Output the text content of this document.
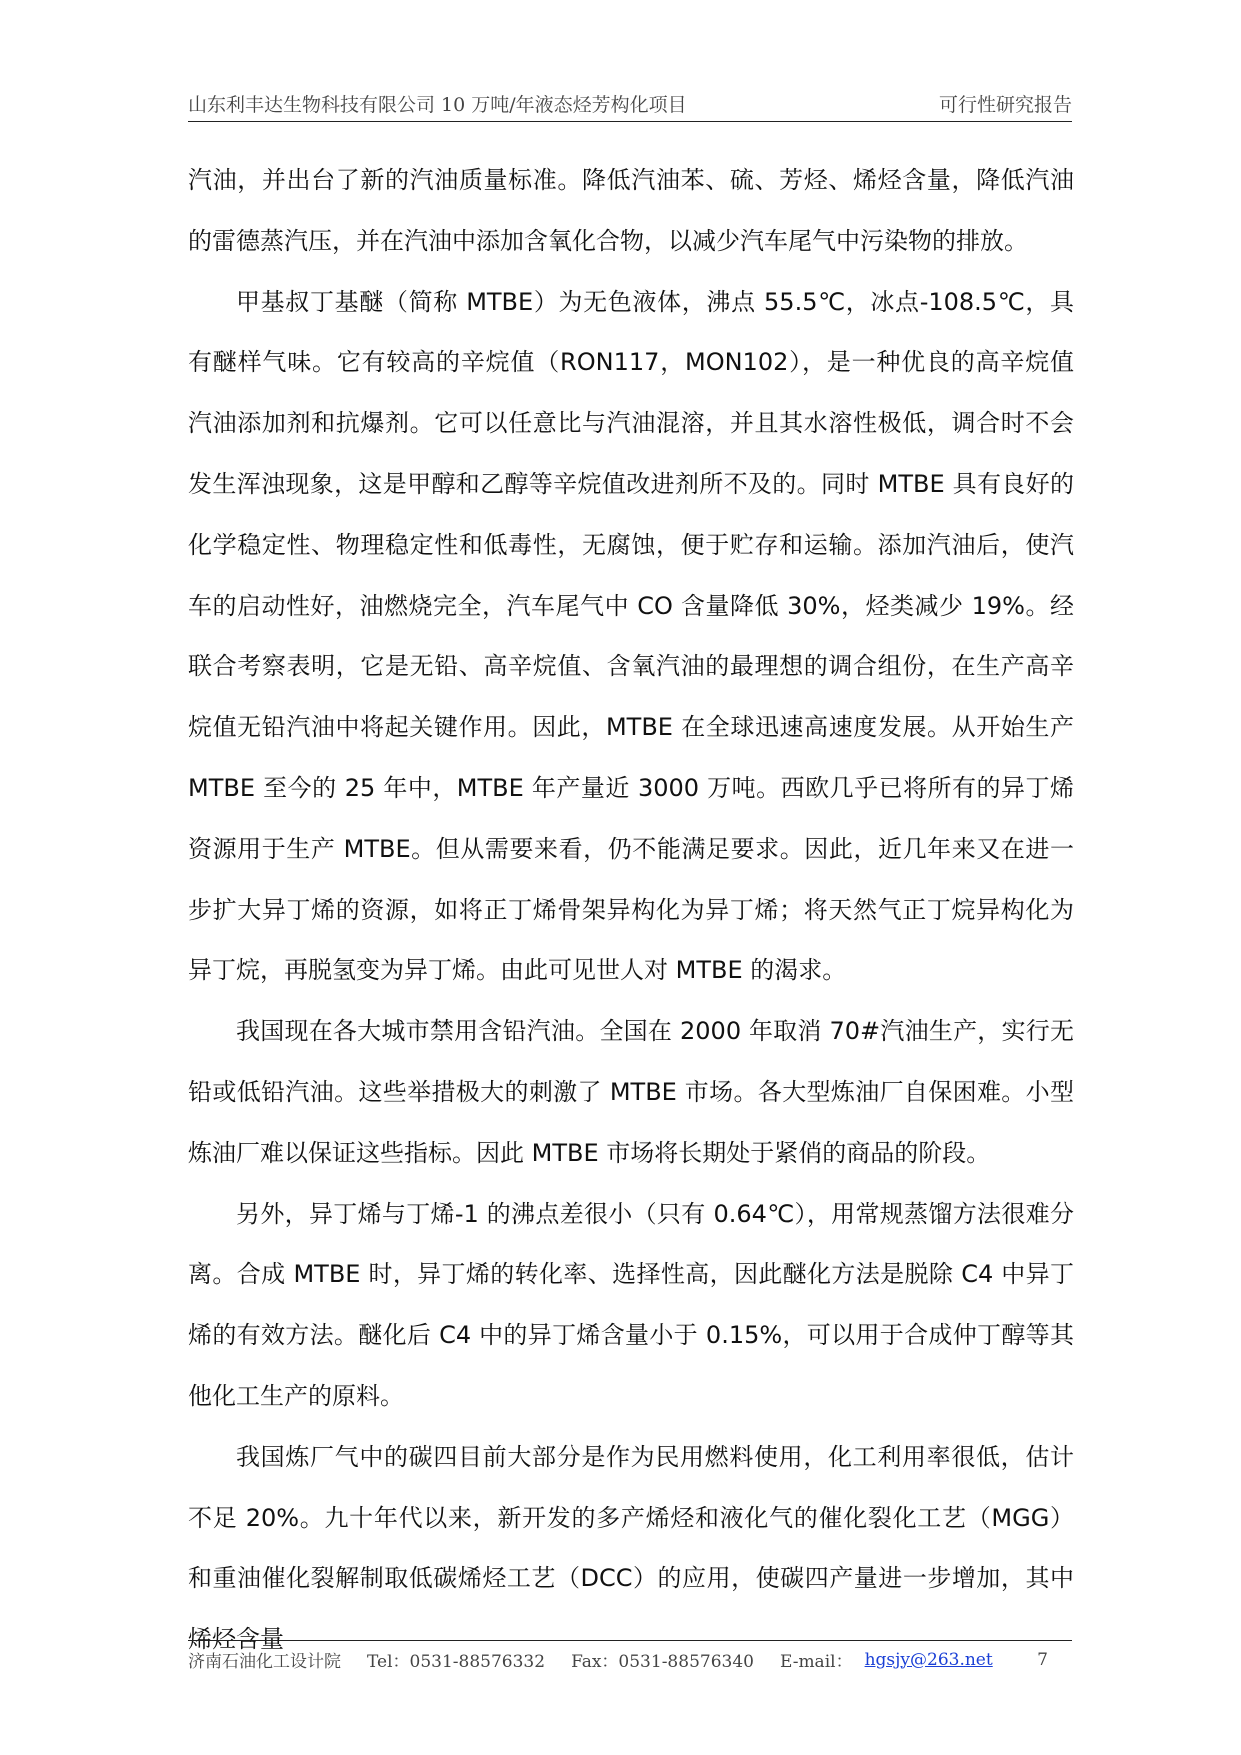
山东利丰达生物科技有限公司 10 万吨/年液态烃芳构化项目	可行性研究报告

汽油，并出台了新的汽油质量标准。降低汽油苯、硫、芳烃、烯烃含量，降低汽油的雷德蒸汽压，并在汽油中添加含氧化合物，以减少汽车尾气中污染物的排放。

甲基叔丁基醚（简称 MTBE）为无色液体，沸点 55.5℃，冰点-108.5℃，具有醚样气味。它有较高的辛烷值（RON117，MON102），是一种优良的高辛烷值汽油添加剂和抗爆剂。它可以任意比与汽油混溶，并且其水溶性极低，调合时不会发生浑浊现象，这是甲醇和乙醇等辛烷值改进剂所不及的。同时 MTBE 具有良好的化学稳定性、物理稳定性和低毒性，无腐蚀，便于贮存和运输。添加汽油后，使汽车的启动性好，油燃烧完全，汽车尾气中 CO 含量降低 30%，烃类减少 19%。经联合考察表明，它是无铅、高辛烷值、含氧汽油的最理想的调合组份，在生产高辛烷值无铅汽油中将起关键作用。因此，MTBE 在全球迅速高速度发展。从开始生产 MTBE 至今的 25 年中，MTBE 年产量近 3000 万吨。西欧几乎已将所有的异丁烯资源用于生产 MTBE。但从需要来看，仍不能满足要求。因此，近几年来又在进一步扩大异丁烯的资源，如将正丁烯骨架异构化为异丁烯；将天然气正丁烷异构化为异丁烷，再脱氢变为异丁烯。由此可见世人对 MTBE 的渴求。

我国现在各大城市禁用含铅汽油。全国在 2000 年取消 70#汽油生产，实行无铅或低铅汽油。这些举措极大的刺激了 MTBE 市场。各大型炼油厂自保困难。小型炼油厂难以保证这些指标。因此 MTBE 市场将长期处于紧俏的商品的阶段。

另外，异丁烯与丁烯-1 的沸点差很小（只有 0.64℃），用常规蒸馏方法很难分离。合成 MTBE 时，异丁烯的转化率、选择性高，因此醚化方法是脱除 C4 中异丁烯的有效方法。醚化后 C4 中的异丁烯含量小于 0.15%，可以用于合成仲丁醇等其他化工生产的原料。

我国炼厂气中的碳四目前大部分是作为民用燃料使用，化工利用率很低，估计不足 20%。九十年代以来，新开发的多产烯烃和液化气的催化裂化工艺（MGG）和重油催化裂解制取低碳烯烃工艺（DCC）的应用，使碳四产量进一步增加，其中烯烃含量

济南石油化工设计院 Tel：0531-88576332 Fax：0531-88576340 E-mail： hgsjy@263.net	7
